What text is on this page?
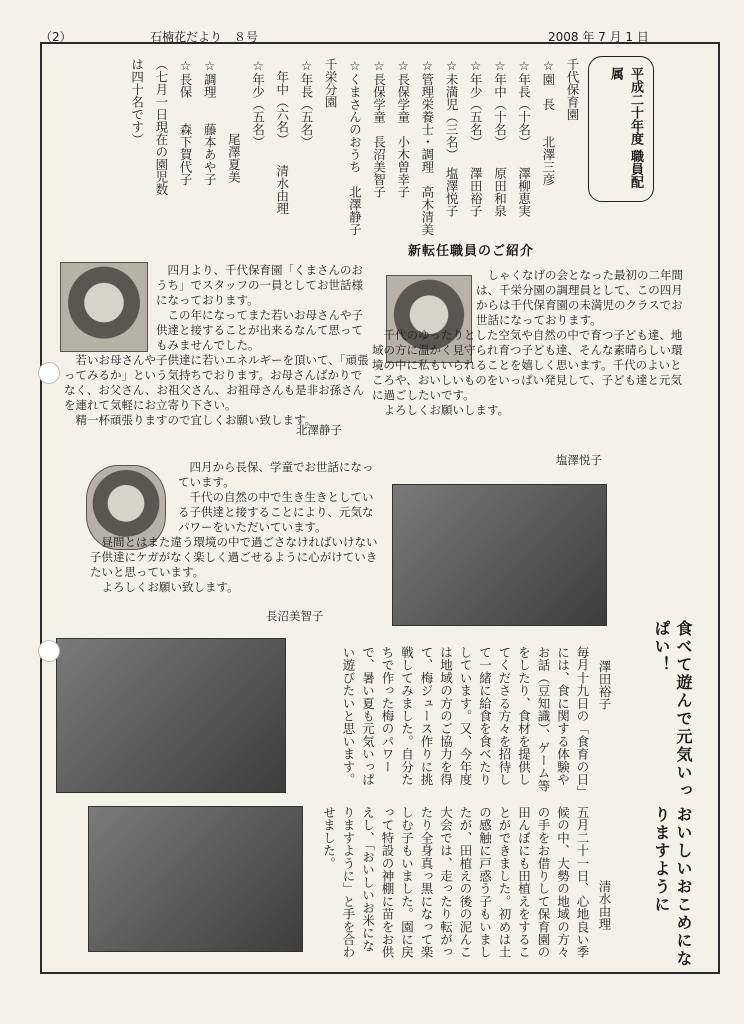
（2）	石楠花だより　８号	2008 年 7 月 1 日
平成二十年度 職員配属
千代保育園
☆園　長　　北澤三彦
☆年長（十名）　　澤柳恵実
☆年中（十名）　　原田和泉
☆年少（五名）　　澤田裕子
☆未満児（三名）　塩澤悦子
☆管理栄養士・調理　高木清美
☆長保学童　小木曽幸子
☆長保学童　長沼美智子
☆くまさんのおうち　北澤静子
千栄分園
☆年長（五名）
　年中（六名）　　清水由理
☆年少（五名）
　　　　　　尾澤夏美
☆調理　　藤本あや子
☆長保　　森下賀代子
（七月一日現在の園児数
は四十名です）
新転任職員のご紹介

　四月より、千代保育園「くまさんのおうち」でスタッフの一員としてお世話様になっております。

　この年になってまた若いお母さんや子供達と接することが出来るなんて思ってもみませんでした。

　若いお母さんや子供達に若いエネルギーを頂いて、「頑張ってみるか」という気持ちでおります。お母さんばかりでなく、お父さん、お祖父さん、お祖母さんも是非お孫さんを連れて気軽にお立寄り下さい。

　精一杯頑張りますので宜しくお願い致します。

北澤静子

　しゃくなげの会となった最初の二年間は、千栄分園の調理員として、この四月からは千代保育園の未満児のクラスでお世話になっております。

　千代のゆったりとした空気や自然の中で育つ子ども達、地域の方に温かく見守られ育つ子ども達、そんな素晴らしい環境の中に私もいられることを嬉しく思います。千代のよいところや、おいしいものをいっぱい発見して、子ども達と元気に過ごしたいです。

　よろしくお願いします。

塩澤悦子

　四月から長保、学童でお世話になっています。

　千代の自然の中で生き生きとしている子供達と接することにより、元気なパワーをいただいています。

　昼間とはまた違う環境の中で過ごさなければいけない子供達にケガがなく楽しく過ごせるように心がけていきたいと思っています。

　よろしくお願い致します。

長沼美智子
食べて遊んで元気いっぱい！
澤田裕子
毎月十九日の「食育の日」には、食に関する体験やお話（豆知識）、ゲーム等をしたり、食材を提供してくださる方々を招待して一緒に給食を食べたりしています。又、今年度は地域の方のご協力を得て、梅ジュース作りに挑戦してみました。自分たちで作った梅のパワーで、暑い夏も元気いっぱい遊びたいと思います。
おいしいおこめになりますように
清水由理
五月二十一日、心地良い季候の中、大勢の地域の方々の手をお借りして保育園の田んぼにも田植えをすることができました。初めは土の感触に戸惑う子もいましたが、田植えの後の泥んこ大会では、走ったり転がったり全身真っ黒になって楽しむ子もいました。園に戻って特設の神棚に苗をお供えし、「おいしいお米になりますように」と手を合わせました。
